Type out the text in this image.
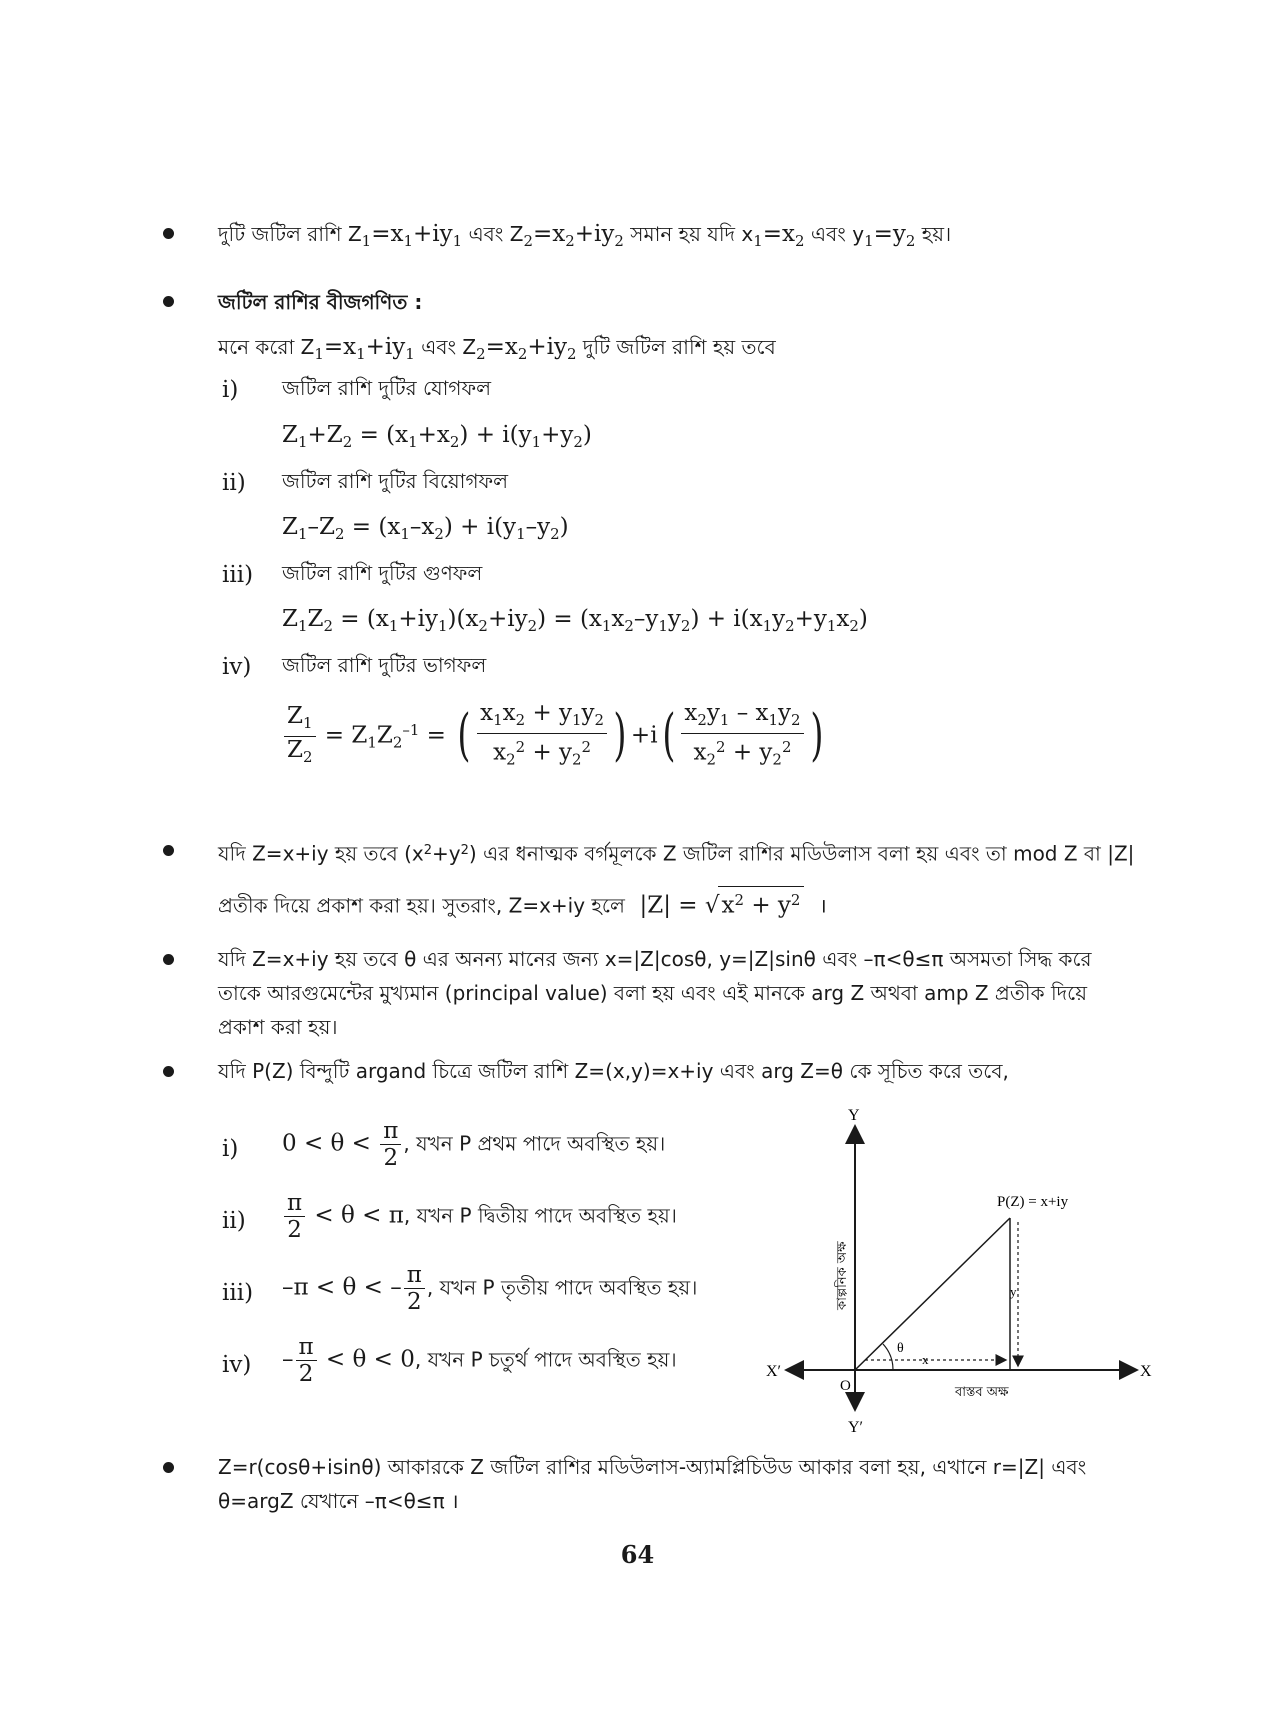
দুটি জটিল রাশি $Z_1=x_1+iy_1$ এবং $Z_2=x_2+iy_2$ সমান হয় যদি $x_1=x_2$ এবং $y_1=y_2$ হয়।
জটিল রাশির বীজগণিত :
মনে করো $Z_1=x_1+iy_1$ এবং $Z_2=x_2+iy_2$ দুটি জটিল রাশি হয় তবে
i) জটিল রাশি দুটির যোগফল
$Z_1+Z_2 = (x_1+x_2) + i(y_1+y_2)$
ii) জটিল রাশি দুটির বিয়োগফল
$Z_1-Z_2 = (x_1-x_2) + i(y_1-y_2)$
iii) জটিল রাশি দুটির গুণফল
$Z_1Z_2 = (x_1+iy_1)(x_2+iy_2) = (x_1x_2-y_1y_2) + i(x_1y_2+y_1x_2)$
iv) জটিল রাশি দুটির ভাগফল
$\frac{Z_1}{Z_2} = Z_1Z_2^{-1}$ = ( $\frac{x_1x_2 + y_1y_2}{x_2^2 + y_2^2}$ ) $+i( \frac{x_2y_1 - x_1y_2}{x_2^2 + y_2^2}$ )
যদি Z=x+iy হয় তবে $(x^2+y^2)$ এর ধনাত্মক বর্গমূলকে Z জটিল রাশির মডিউলাস বলা হয় এবং তা mod Z বা |Z|
প্রতীক দিয়ে প্রকাশ করা হয়। সুতরাং, Z=x+iy হলে  $|Z| = √x^2 + y^2$ ।
যদি Z=x+iy হয় তবে θ এর অনন্য মানের জন্য x=|Z|cosθ, y=|Z|sinθ এবং –π<θ≤π অসমতা সিদ্ধ করে
তাকে আরগুমেন্টের মুখ্যমান (principal value) বলা হয় এবং এই মানকে arg Z অথবা amp Z প্রতীক দিয়ে
প্রকাশ করা হয়।
যদি P(Z) বিন্দুটি argand চিত্রে জটিল রাশি Z=(x,y)=x+iy এবং arg Z=θ কে সূচিত করে তবে,
i) $0 < \theta < \frac{\pi}{2}$ , যখন P প্রথম পাদে অবস্থিত হয়।
$ii) \frac{\pi}{2} < \theta < \pi$, যখন P দ্বিতীয় পাদে অবস্থিত হয়।
iii) –π < θ < – $\frac{\pi}{2}$ , যখন P তৃতীয় পাদে অবস্থিত হয়।
$iv) - \frac{\pi}{2} < \theta < 0$, যখন P চতুর্থ পাদে অবস্থিত হয়।
Y
Y′
X′	X
O
P(Z) = x+iy
θ
x
y
কাল্পনিক অক্ষ
বাস্তব অক্ষ
Z=r(cosθ+isinθ) আকারকে Z জটিল রাশির মডিউলাস-অ্যামপ্লিচিউড আকার বলা হয়, এখানে r=|Z| এবং
θ=argZ যেখানে –π<θ≤π ।
64
